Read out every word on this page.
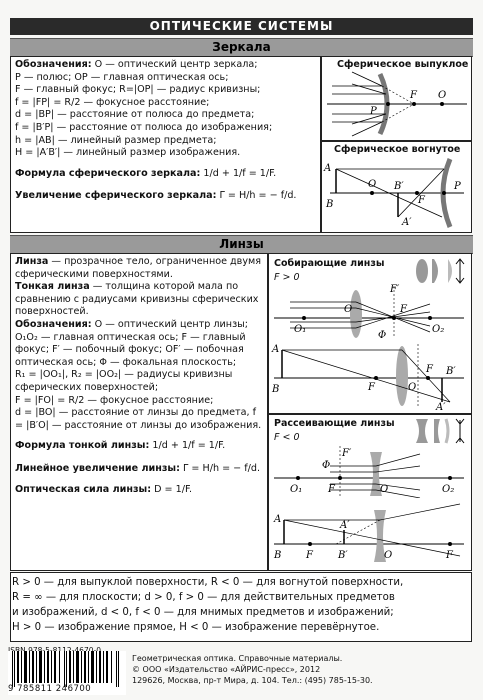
ОПТИЧЕСКИЕ СИСТЕМЫ
Зеркала

Обозначения: O — оптический центр зеркала;

P — полюс; OP — главная оптическая ось;

F — главный фокус; R=|OP| — радиус кривизны;

f = |FP| = R/2 — фокусное расстояние;

d = |BP| — расстояние от полюса до предмета;

f = |B′P| — расстояние от полюса до изображения;

h = |AB| — линейный размер предмета;

H = |A′B′| — линейный размер изображения.

Формула сферического зеркала: 1/d + 1/f = 1/F.

Увеличение сферического зеркала: Γ = H/h = − f/d.

Сферическое выпуклое
P
F O
Сферическое вогнутое
A
B
O B′
F
A′
P
Линзы

Линза — прозрачное тело, ограниченное двумя сферическими поверхностями.

Тонкая линза — толщина которой мала по сравнению с радиусами кривизны сферических поверхностей.

Обозначения: O — оптический центр линзы; O₁O₂ — главная оптическая ось; F — главный фокус; F′ — побочный фокус; OF′ — побочная оптическая ось; Φ — фокальная плоскость;

R₁ = |OO₁|, R₂ = |OO₂| — радиусы кривизны сферических поверхностей;

F = |FO| = R/2 — фокусное расстояние;

d = |BO| — расстояние от линзы до предмета, f = |B′O| — расстояние от линзы до изображения.

Формула тонкой линзы: 1/d + 1/f = 1/F.

Линейное увеличение линзы: Γ = H/h = − f/d.

Оптическая сила линзы: D = 1/F.

Собирающие линзы
F > 0
O₁
O
F′
F
O₂
Φ
A
B	F	O
F B′
A′
Рассеивающие линзы
F < 0
O₁
F′
F	O	O₂
Φ
A
B F	B′
A′
O	F

R > 0 — для выпуклой поверхности, R < 0 — для вогнутой поверхности,

R = ∞ — для плоскости; d > 0, f > 0 — для действительных предметов

и изображений, d < 0, f < 0 — для мнимых предметов и изображений;

H > 0 — изображение прямое, H < 0 — изображение перевёрнутое.

9 785811 246700
Геометрическая оптика. Справочные материалы.
© ООО «Издательство «АЙРИС-пресс», 2012
129626, Москва, пр-т Мира, д. 104. Тел.: (495) 785-15-30.
